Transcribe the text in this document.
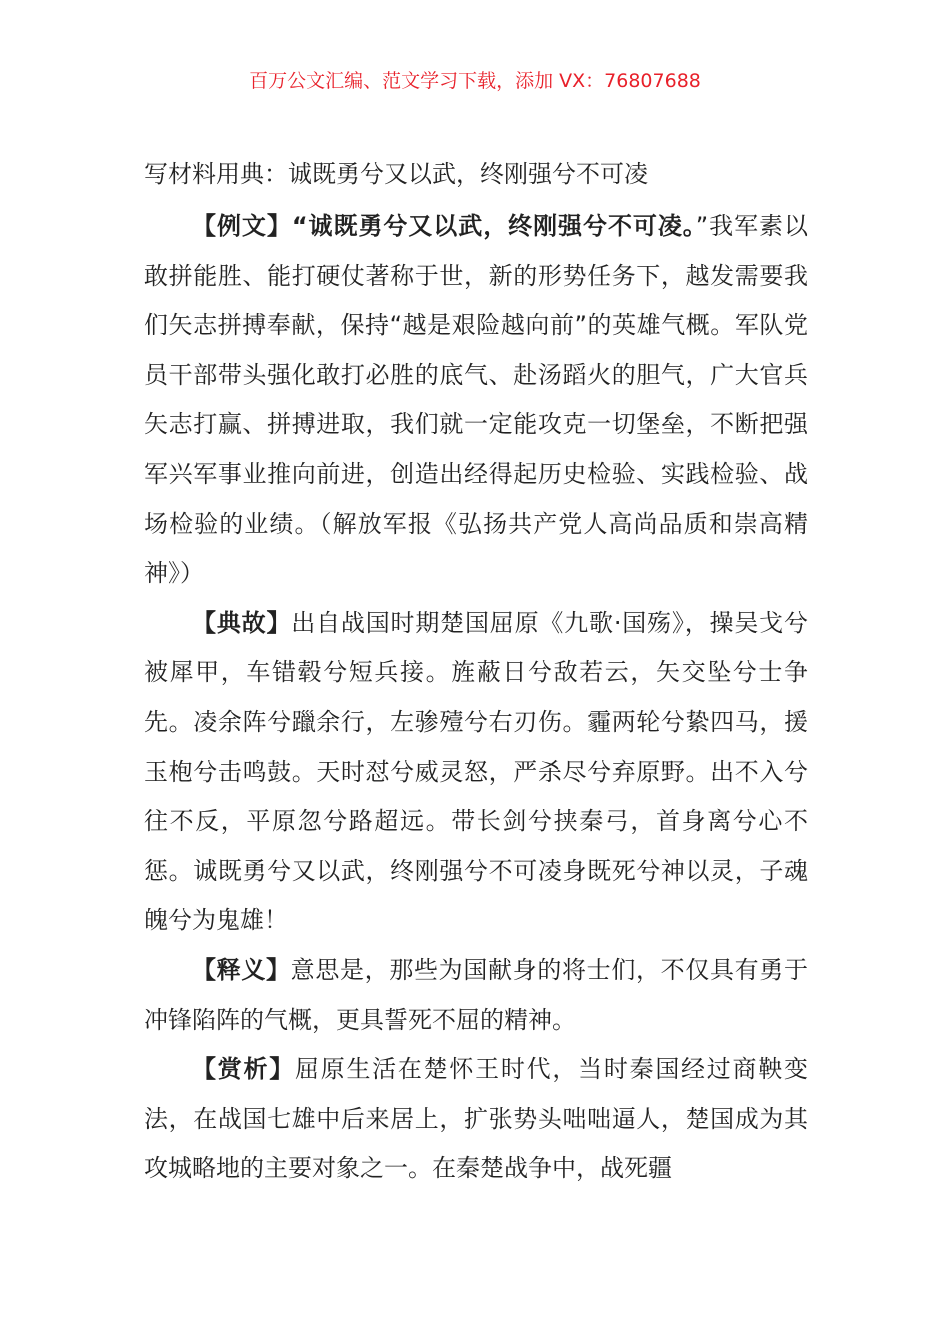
百万公文汇编、范文学习下载，添加 VX：76807688
写材料用典：诚既勇兮又以武，终刚强兮不可凌

【例文】“诚既勇兮又以武，终刚强兮不可凌。”我军素以敢拼能胜、能打硬仗著称于世，新的形势任务下，越发需要我们矢志拼搏奉献，保持“越是艰险越向前”的英雄气概。军队党员干部带头强化敢打必胜的底气、赴汤蹈火的胆气，广大官兵矢志打赢、拼搏进取，我们就一定能攻克一切堡垒，不断把强军兴军事业推向前进，创造出经得起历史检验、实践检验、战场检验的业绩。（解放军报《弘扬共产党人高尚品质和崇高精神》）

【典故】出自战国时期楚国屈原《九歌·国殇》，操吴戈兮被犀甲，车错毂兮短兵接。旌蔽日兮敌若云，矢交坠兮士争先。凌余阵兮躐余行，左骖殪兮右刃伤。霾两轮兮絷四马，援玉枹兮击鸣鼓。天时怼兮威灵怒，严杀尽兮弃原野。出不入兮往不反，平原忽兮路超远。带长剑兮挟秦弓，首身离兮心不惩。诚既勇兮又以武，终刚强兮不可凌身既死兮神以灵，子魂魄兮为鬼雄！

【释义】意思是，那些为国献身的将士们，不仅具有勇于冲锋陷阵的气概，更具誓死不屈的精神。

【赏析】屈原生活在楚怀王时代，当时秦国经过商鞅变法，在战国七雄中后来居上，扩张势头咄咄逼人，楚国成为其攻城略地的主要对象之一。在秦楚战争中，战死疆
